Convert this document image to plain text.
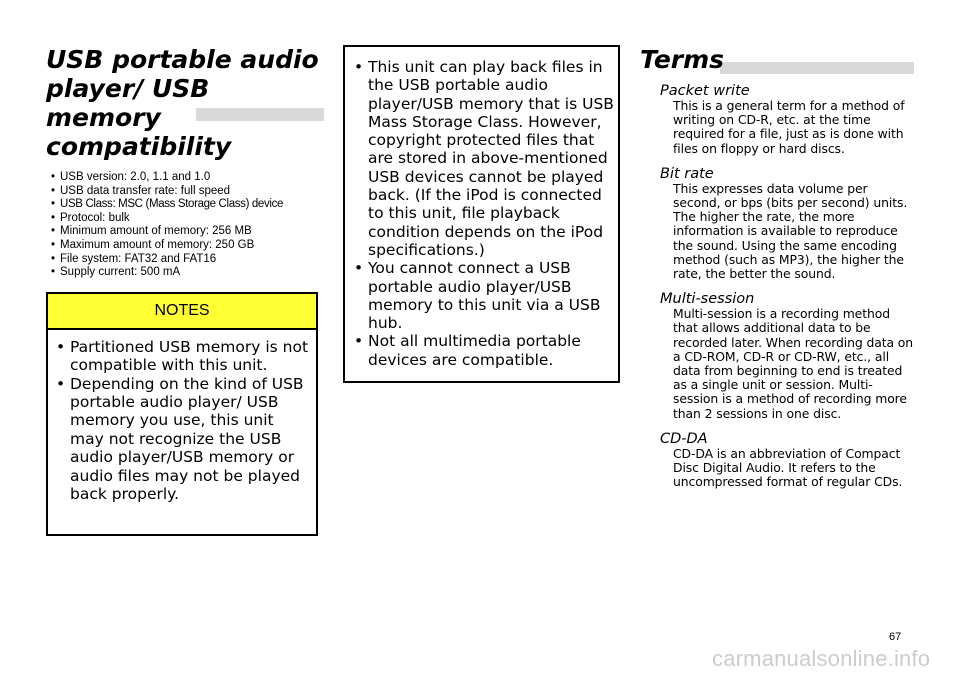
USB portable audio
player/ USB memory
compatibility
• USB version: 2.0, 1.1 and 1.0
• USB data transfer rate: full speed
• USB Class: MSC (Mass Storage Class) device
• Protocol: bulk
• Minimum amount of memory: 256 MB
• Maximum amount of memory: 250 GB
• File system: FAT32 and FAT16
• Supply current: 500 mA
NOTES
• Partitioned USB memory is not compatible with this unit.
• Depending on the kind of USB portable audio player/ USB memory you use, this unit may not recognize the USB audio player/USB memory or audio files may not be played back properly.
• This unit can play back files in the USB portable audio player/USB memory that is USB Mass Storage Class. However, copyright protected files that are stored in above-mentioned USB devices cannot be played back. (If the iPod is connected to this unit, file playback condition depends on the iPod specifications.)
• You cannot connect a USB portable audio player/USB memory to this unit via a USB hub.
• Not all multimedia portable devices are compatible.
Terms

Packet write

This is a general term for a method of writing on CD-R, etc. at the time required for a file, just as is done with files on floppy or hard discs.

Bit rate

This expresses data volume per second, or bps (bits per second) units. The higher the rate, the more information is available to reproduce the sound. Using the same encoding method (such as MP3), the higher the rate, the better the sound.

Multi-session

Multi-session is a recording method that allows additional data to be recorded later. When recording data on a CD-ROM, CD-R or CD-RW, etc., all data from beginning to end is treated as a single unit or session. Multi-session is a method of recording more than 2 sessions in one disc.

CD-DA

CD-DA is an abbreviation of Compact Disc Digital Audio. It refers to the uncompressed format of regular CDs.

67
carmanualsonline.info
